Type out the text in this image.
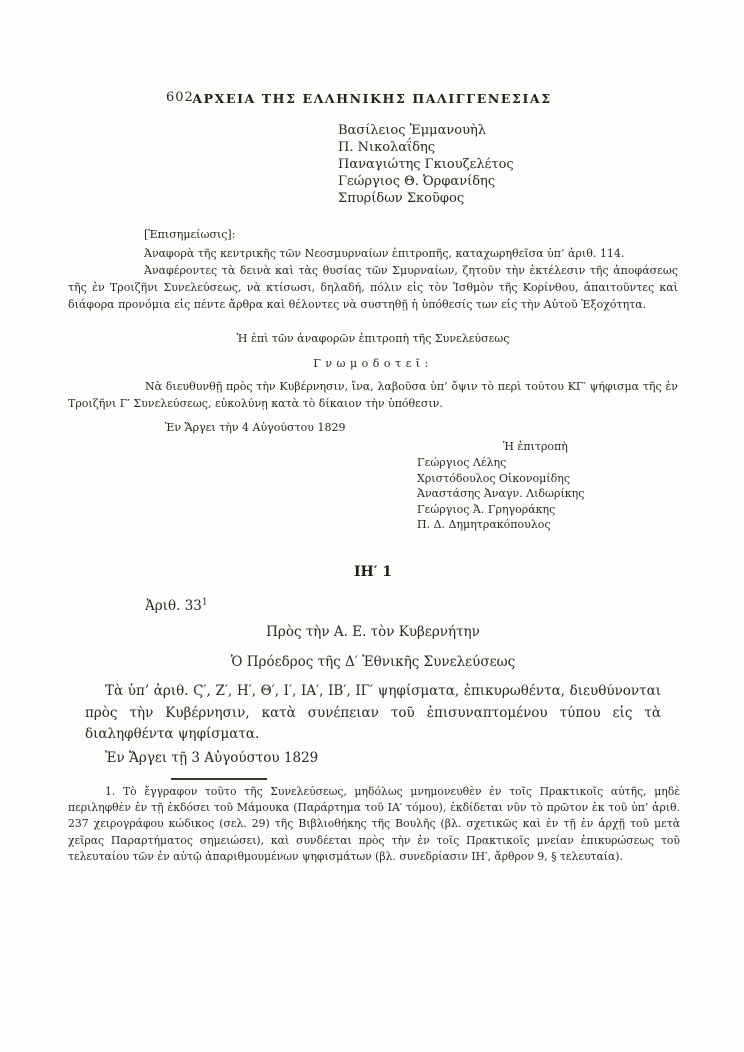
602
ΑΡΧΕΙΑ ΤΗΣ ΕΛΛΗΝΙΚΗΣ ΠΑΛΙΓΓΕΝΕΣΙΑΣ
Βασίλειος Ἐμμανουὴλ
Π. Νικολαΐδης
Παναγιώτης Γκιουζελέτος
Γεώργιος Θ. Ὀρφανίδης
Σπυρίδων Σκοῦφος
[Ἐπισημείωσις]:
Ἀναφορὰ τῆς κεντρικῆς τῶν Νεοσμυρναίων ἐπιτροπῆς, καταχωρηθεῖσα ὑπ’ ἀριθ. 114.
Ἀναφέροντες τὰ δεινὰ καὶ τὰς θυσίας τῶν Σμυρναίων, ζητοῦν τὴν ἐκτέλεσιν τῆς ἀποφάσεως τῆς ἐν Τροιζῆνι Συνελεύσεως, νὰ κτίσωσι, δηλαδή, πόλιν εἰς τὸν Ἰσθμὸν τῆς Κορίνθου, ἀπαιτοῦντες καὶ διάφορα προνόμια εἰς πέντε ἄρθρα καὶ θέλοντες νὰ συστηθῇ ἡ ὑπόθεσίς των εἰς τὴν Αὐτοῦ Ἐξοχότητα.
Ἡ ἐπὶ τῶν ἀναφορῶν ἐπιτροπὴ τῆς Συνελεύσεως
Γνωμοδοτεῖ:
Νὰ διευθυνθῇ πρὸς τὴν Κυβέρνησιν, ἵνα, λαβοῦσα ὑπ’ ὄψιν τὸ περὶ τούτου ΚΓ′ ψήφισμα τῆς ἐν Τροιζῆνι Γ′ Συνελεύσεως, εὐκολύνῃ κατὰ τὸ δίκαιον τὴν ὑπόθεσιν.
Ἐν Ἄργει τὴν 4 Αὐγούστου 1829
Ἡ ἐπιτροπὴ
Γεώργιος Λέλης
Χριστόδουλος Οἰκονομίδης
Ἀναστάσης Ἀναγν. Λιδωρίκης
Γεώργιος Ἀ. Γρηγοράκης
Π. Δ. Δημητρακόπουλος
ΙΗ′ 1
Ἀριθ. $33^1$
Πρὸς τὴν Α. Ε. τὸν Κυβερνήτην
Ὁ Πρόεδρος τῆς Δ′ Ἐθνικῆς Συνελεύσεως
Τὰ ὑπ’ ἀριθ. Ϛ′, Ζ′, Η′, Θ′, Ι′, ΙΑ′, ΙΒ′, ΙΓ′ ψηφίσματα, ἐπικυρωθέντα, διευθύνονται πρὸς τὴν Κυβέρνησιν, κατὰ συνέπειαν τοῦ ἐπισυναπτομένου τύπου εἰς τὰ διαληφθέντα ψηφίσματα.
Ἐν Ἄργει τῇ 3 Αὐγούστου 1829
1. Τὸ ἔγγραφον τοῦτο τῆς Συνελεύσεως, μηδόλως μνημονευθὲν ἐν τοῖς Πρακτικοῖς αὐτῆς, μηδὲ περιληφθὲν ἐν τῇ ἐκδόσει τοῦ Μάμουκα (Παράρτημα τοῦ ΙΑ′ τόμου), ἐκδίδεται νῦν τὸ πρῶτον ἐκ τοῦ ὑπ’ ἀριθ. 237 χειρογράφου κώδικος (σελ. 29) τῆς Βιβλιοθήκης τῆς Βουλῆς (βλ. σχετικῶς καὶ ἐν τῇ ἐν ἀρχῇ τοῦ μετὰ χεῖρας Παραρτήματος σημειώσει), καὶ συνδέεται πρὸς τὴν ἐν τοῖς Πρακτικοῖς μνείαν ἐπικυρώσεως τοῦ τελευταίου τῶν ἐν αὐτῷ ἀπαριθμουμένων ψηφισμάτων (βλ. συνεδρίασιν ΙΗ′, ἄρθρον 9, § τελευταία).
